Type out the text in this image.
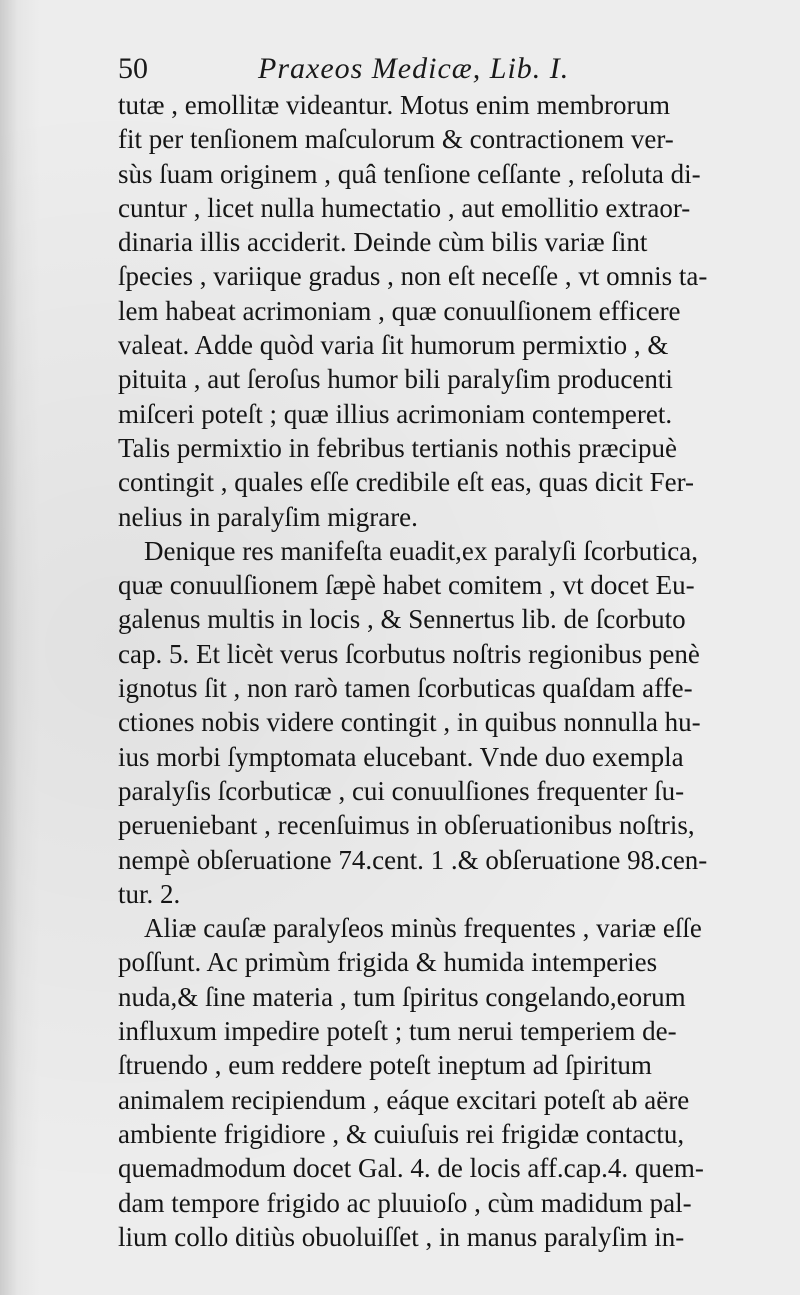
50	Praxeos Medicæ, Lib. I.

tutæ , emollitæ videantur. Motus enim membrorum
fit per tenſionem maſculorum & contractionem ver-
sùs ſuam originem , quâ tenſione ceſſante , reſoluta di-
cuntur , licet nulla humectatio , aut emollitio extraor-
dinaria illis acciderit. Deinde cùm bilis variæ ſint
ſpecies , variique gradus , non eſt neceſſe , vt omnis ta-
lem habeat acrimoniam , quæ conuulſionem efficere
valeat. Adde quòd varia ſit humorum permixtio , &
pituita , aut ſeroſus humor bili paralyſim producenti
miſceri poteſt ; quæ illius acrimoniam contemperet.
Talis permixtio in febribus tertianis nothis præcipuè
contingit , quales eſſe credibile eſt eas, quas dicit Fer-
nelius in paralyſim migrare.

Denique res manifeſta euadit,ex paralyſi ſcorbutica,
quæ conuulſionem ſæpè habet comitem , vt docet Eu-
galenus multis in locis , & Sennertus lib. de ſcorbuto
cap. 5. Et licèt verus ſcorbutus noſtris regionibus penè
ignotus ſit , non rarò tamen ſcorbuticas quaſdam affe-
ctiones nobis videre contingit , in quibus nonnulla hu-
ius morbi ſymptomata elucebant. Vnde duo exempla
paralyſis ſcorbuticæ , cui conuulſiones frequenter ſu-
perueniebant , recenſuimus in obſeruationibus noſtris,
nempè obſeruatione 74.cent. 1 .& obſeruatione 98.cen-
tur. 2.

Aliæ cauſæ paralyſeos minùs frequentes , variæ eſſe
poſſunt. Ac primùm frigida & humida intemperies
nuda,& ſine materia , tum ſpiritus congelando,eorum
influxum impedire poteſt ; tum nerui temperiem de-
ſtruendo , eum reddere poteſt ineptum ad ſpiritum
animalem recipiendum , eáque excitari poteſt ab aëre
ambiente frigidiore , & cuiuſuis rei frigidæ contactu,
quemadmodum docet Gal. 4. de locis aff.cap.4. quem-
dam tempore frigido ac pluuioſo , cùm madidum pal-
lium collo ditiùs obuoluiſſet , in manus paralyſim in-
